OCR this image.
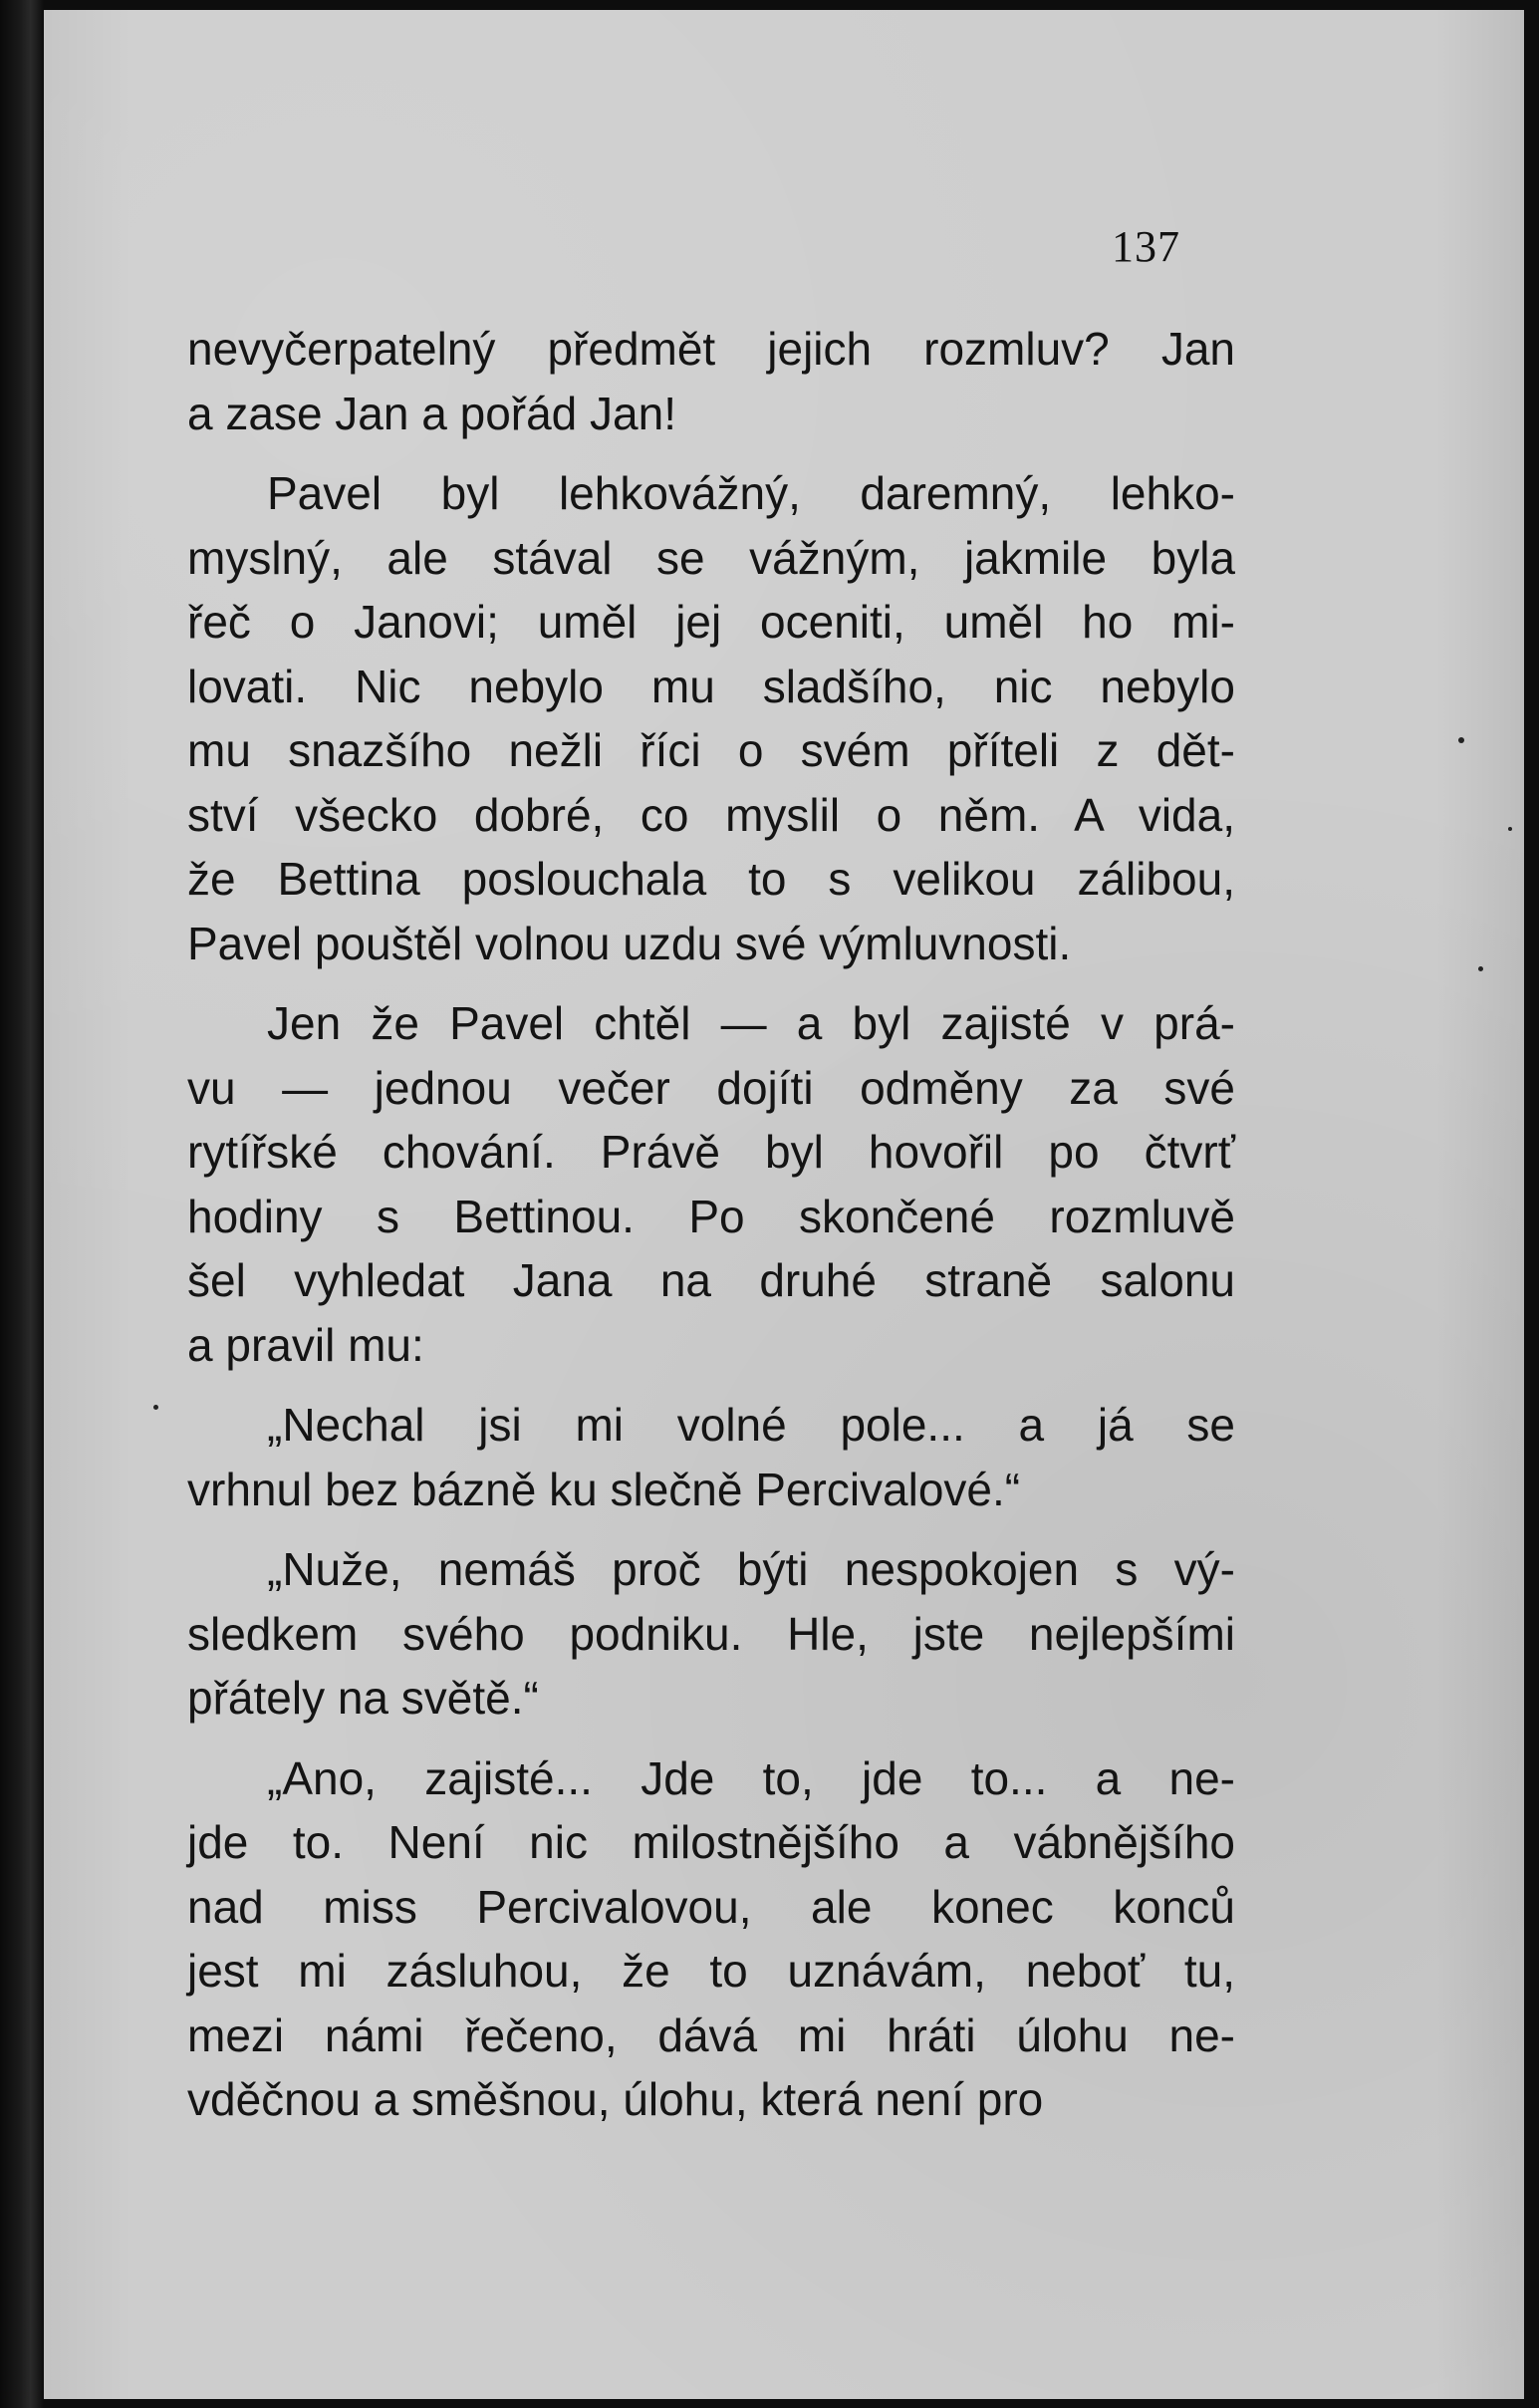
137
nevyčerpatelný předmět jejich rozmluv? Jan
a zase Jan a pořád Jan!
Pavel byl lehkovážný, daremný, lehko-
myslný, ale stával se vážným, jakmile byla
řeč o Janovi; uměl jej oceniti, uměl ho mi-
lovati. Nic nebylo mu sladšího, nic nebylo
mu snazšího nežli říci o svém příteli z dět-
ství všecko dobré, co myslil o něm. A vida,
že Bettina poslouchala to s velikou zálibou,
Pavel pouštěl volnou uzdu své výmluvnosti.
Jen že Pavel chtěl — a byl zajisté v prá-
vu — jednou večer dojíti odměny za své
rytířské chování. Právě byl hovořil po čtvrť
hodiny s Bettinou. Po skončené rozmluvě
šel vyhledat Jana na druhé straně salonu
a pravil mu:
„Nechal jsi mi volné pole... a já se
vrhnul bez bázně ku slečně Percivalové.“
„Nuže, nemáš proč býti nespokojen s vý-
sledkem svého podniku. Hle, jste nejlepšími
přátely na světě.“
„Ano, zajisté... Jde to, jde to... a ne-
jde to. Není nic milostnějšího a vábnějšího
nad miss Percivalovou, ale konec konců
jest mi zásluhou, že to uznávám, neboť tu,
mezi námi řečeno, dává mi hráti úlohu ne-
vděčnou a směšnou, úlohu, která není pro
